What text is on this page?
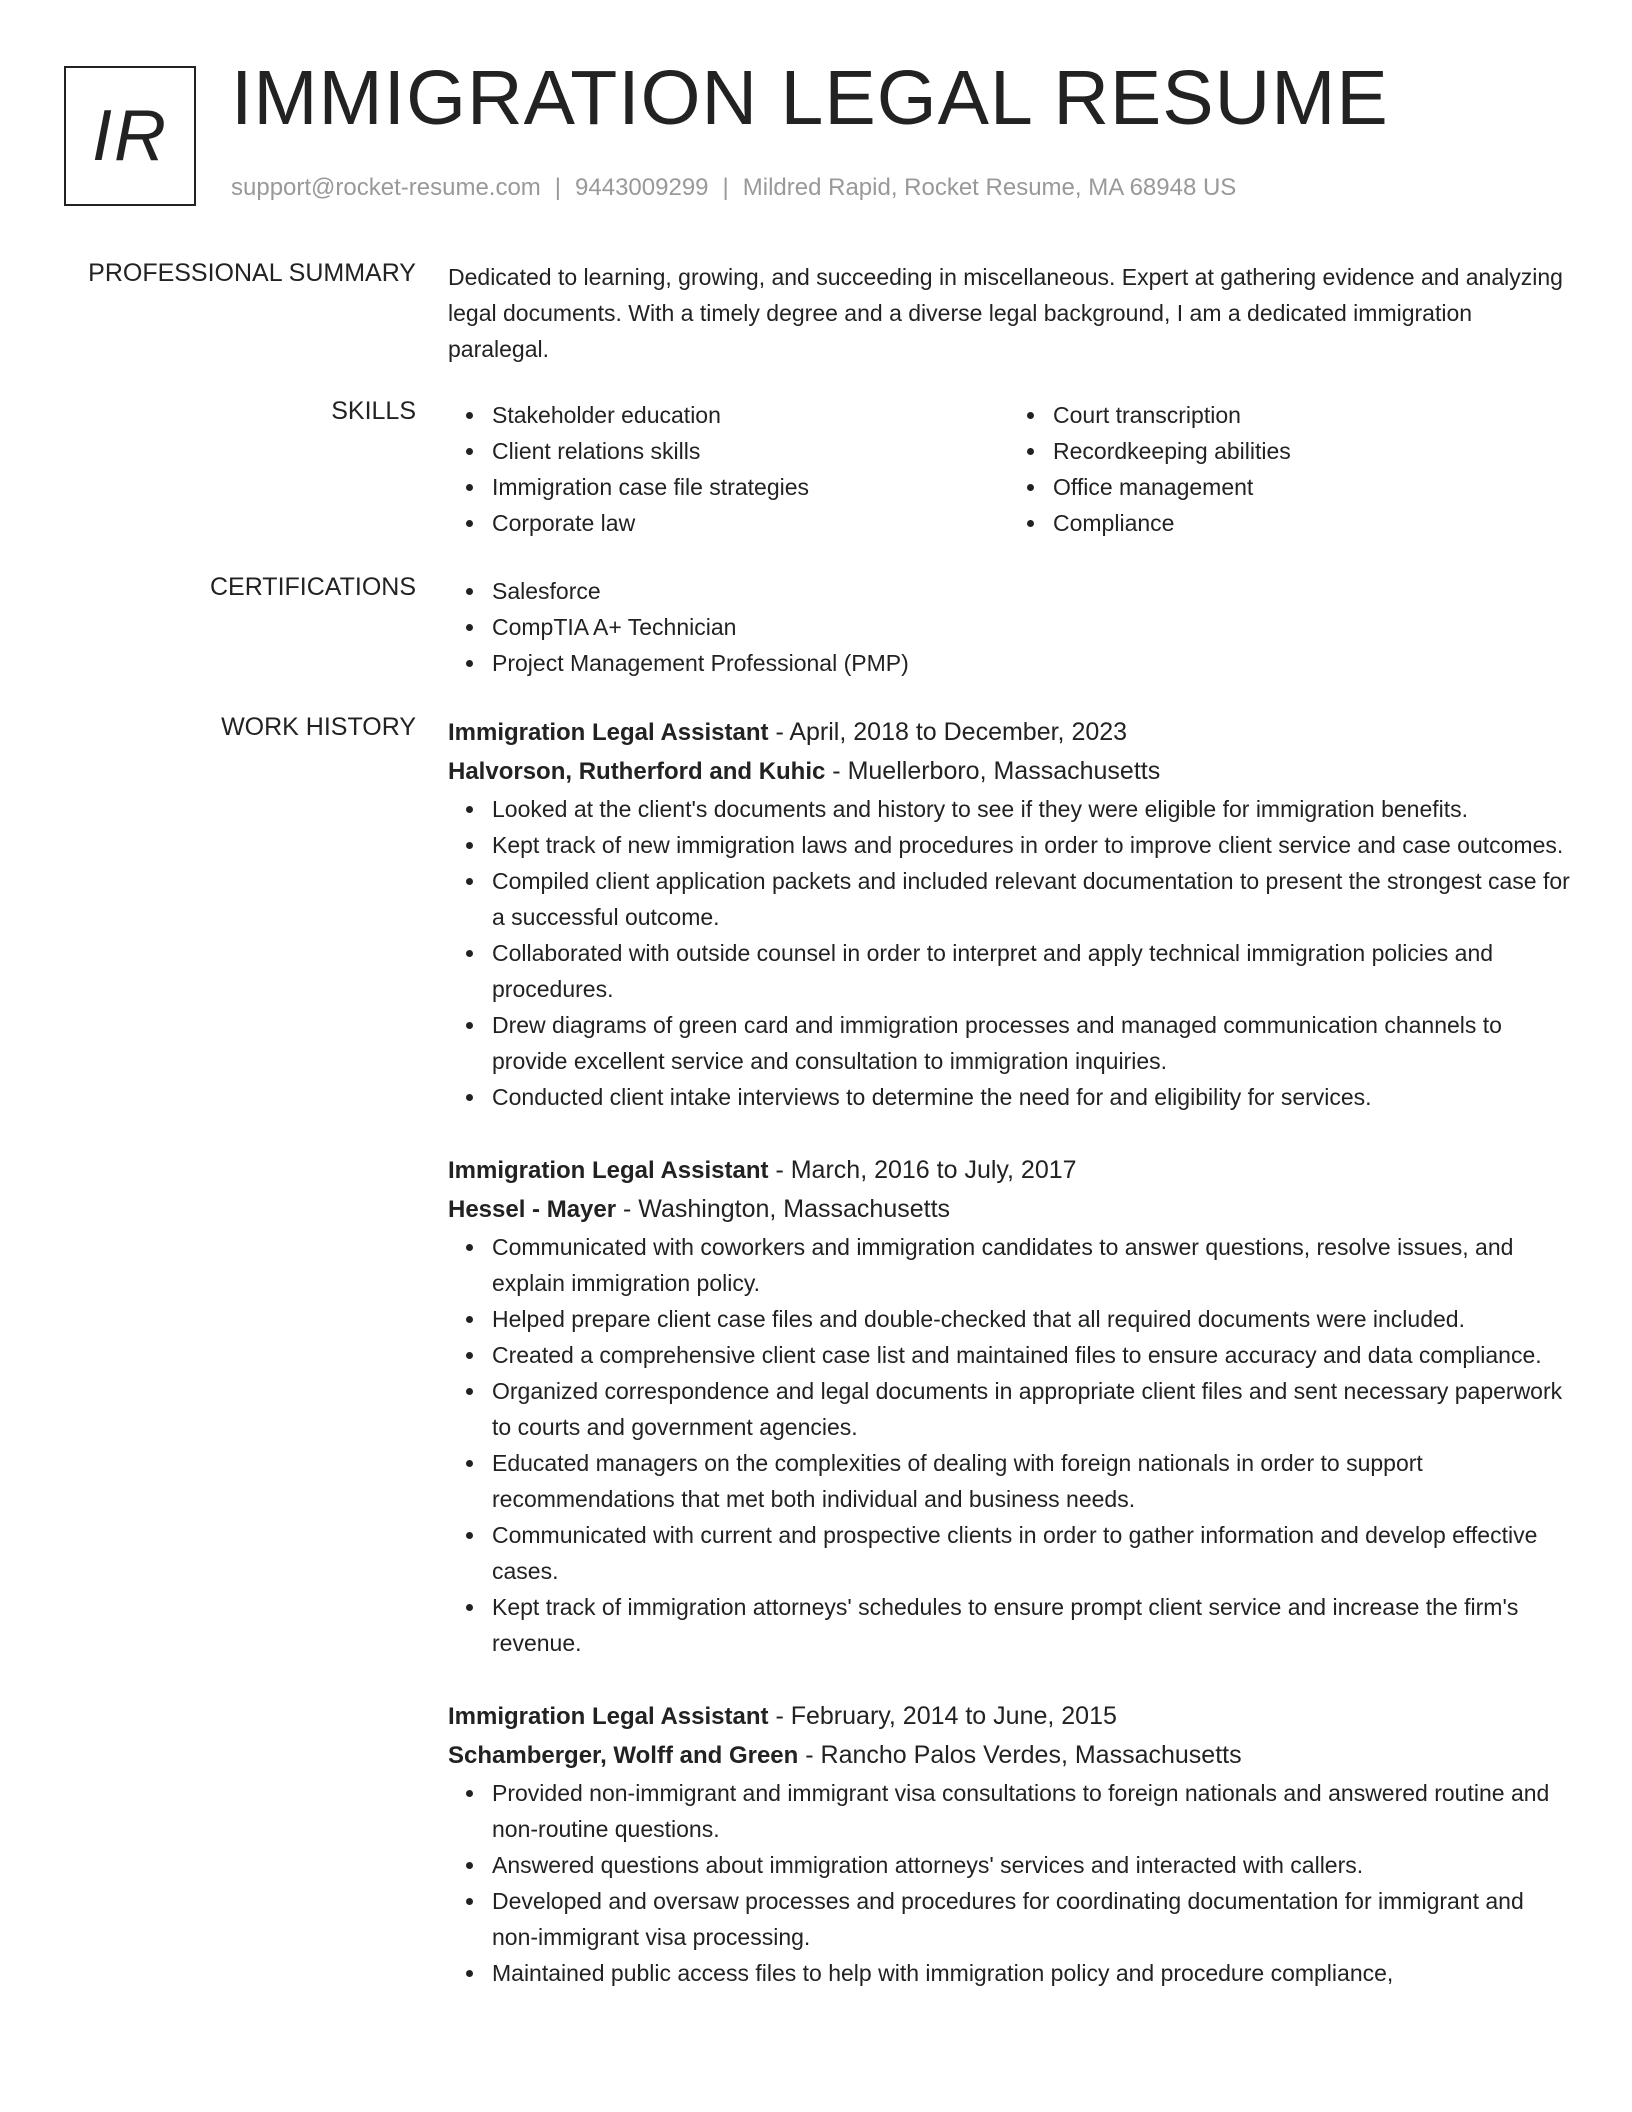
IR IMMIGRATION LEGAL RESUME
support@rocket-resume.com | 9443009299 | Mildred Rapid, Rocket Resume, MA 68948 US
PROFESSIONAL SUMMARY Dedicated to learning, growing, and succeeding in miscellaneous. Expert at gathering evidence and analyzing legal documents. With a timely degree and a diverse legal background, I am a dedicated immigration paralegal.

SKILLS	Stakeholder education
Client relations skills
Immigration case file strategies
Corporate law
Court transcription
Recordkeeping abilities
Office management
Compliance
CERTIFICATIONS	Salesforce
CompTIA A+ Technician
Project Management Professional (PMP)
WORK HISTORY Immigration Legal Assistant - April, 2018 to December, 2023
Halvorson, Rutherford and Kuhic - Muellerboro, Massachusetts
Looked at the client's documents and history to see if they were eligible for immigration benefits.
Kept track of new immigration laws and procedures in order to improve client service and case outcomes.
Compiled client application packets and included relevant documentation to present the strongest case for a successful outcome.
Collaborated with outside counsel in order to interpret and apply technical immigration policies and procedures.
Drew diagrams of green card and immigration processes and managed communication channels to provide excellent service and consultation to immigration inquiries.
Conducted client intake interviews to determine the need for and eligibility for services.
Immigration Legal Assistant - March, 2016 to July, 2017
Hessel - Mayer - Washington, Massachusetts
Communicated with coworkers and immigration candidates to answer questions, resolve issues, and explain immigration policy.
Helped prepare client case files and double-checked that all required documents were included.
Created a comprehensive client case list and maintained files to ensure accuracy and data compliance.
Organized correspondence and legal documents in appropriate client files and sent necessary paperwork to courts and government agencies.
Educated managers on the complexities of dealing with foreign nationals in order to support recommendations that met both individual and business needs.
Communicated with current and prospective clients in order to gather information and develop effective cases.
Kept track of immigration attorneys' schedules to ensure prompt client service and increase the firm's revenue.
Immigration Legal Assistant - February, 2014 to June, 2015
Schamberger, Wolff and Green - Rancho Palos Verdes, Massachusetts
Provided non-immigrant and immigrant visa consultations to foreign nationals and answered routine and non-routine questions.
Answered questions about immigration attorneys' services and interacted with callers.
Developed and oversaw processes and procedures for coordinating documentation for immigrant and non-immigrant visa processing.
Maintained public access files to help with immigration policy and procedure compliance,
